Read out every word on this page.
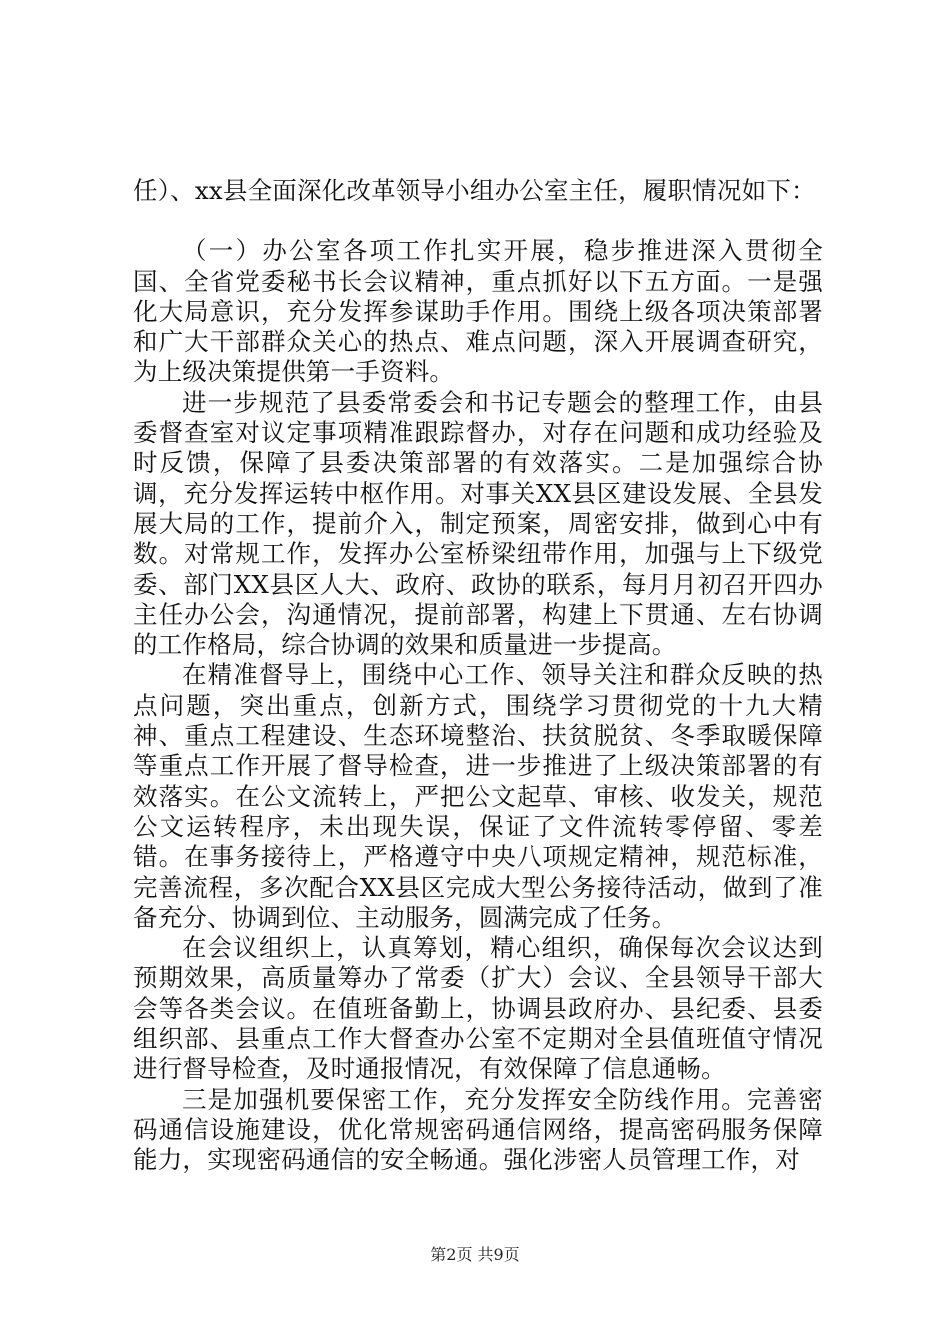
任）、xx县全面深化改革领导小组办公室主任，履职情况如下：

（一）办公室各项工作扎实开展，稳步推进深入贯彻全国、全省党委秘书长会议精神，重点抓好以下五方面。一是强化大局意识，充分发挥参谋助手作用。围绕上级各项决策部署和广大干部群众关心的热点、难点问题，深入开展调查研究，为上级决策提供第一手资料。

进一步规范了县委常委会和书记专题会的整理工作，由县委督查室对议定事项精准跟踪督办，对存在问题和成功经验及时反馈，保障了县委决策部署的有效落实。二是加强综合协调，充分发挥运转中枢作用。对事关XX县区建设发展、全县发展大局的工作，提前介入，制定预案，周密安排，做到心中有数。对常规工作，发挥办公室桥梁纽带作用，加强与上下级党委、部门XX县区人大、政府、政协的联系，每月月初召开四办主任办公会，沟通情况，提前部署，构建上下贯通、左右协调的工作格局，综合协调的效果和质量进一步提高。

在精准督导上，围绕中心工作、领导关注和群众反映的热点问题，突出重点，创新方式，围绕学习贯彻党的十九大精神、重点工程建设、生态环境整治、扶贫脱贫、冬季取暖保障等重点工作开展了督导检查，进一步推进了上级决策部署的有效落实。在公文流转上，严把公文起草、审核、收发关，规范公文运转程序，未出现失误，保证了文件流转零停留、零差错。在事务接待上，严格遵守中央八项规定精神，规范标准，完善流程，多次配合XX县区完成大型公务接待活动，做到了准备充分、协调到位、主动服务，圆满完成了任务。

在会议组织上，认真筹划，精心组织，确保每次会议达到预期效果，高质量筹办了常委（扩大）会议、全县领导干部大会等各类会议。在值班备勤上，协调县政府办、县纪委、县委组织部、县重点工作大督查办公室不定期对全县值班值守情况进行督导检查，及时通报情况，有效保障了信息通畅。

三是加强机要保密工作，充分发挥安全防线作用。完善密码通信设施建设，优化常规密码通信网络，提高密码服务保障能力，实现密码通信的安全畅通。强化涉密人员管理工作，对

第2页 共9页
